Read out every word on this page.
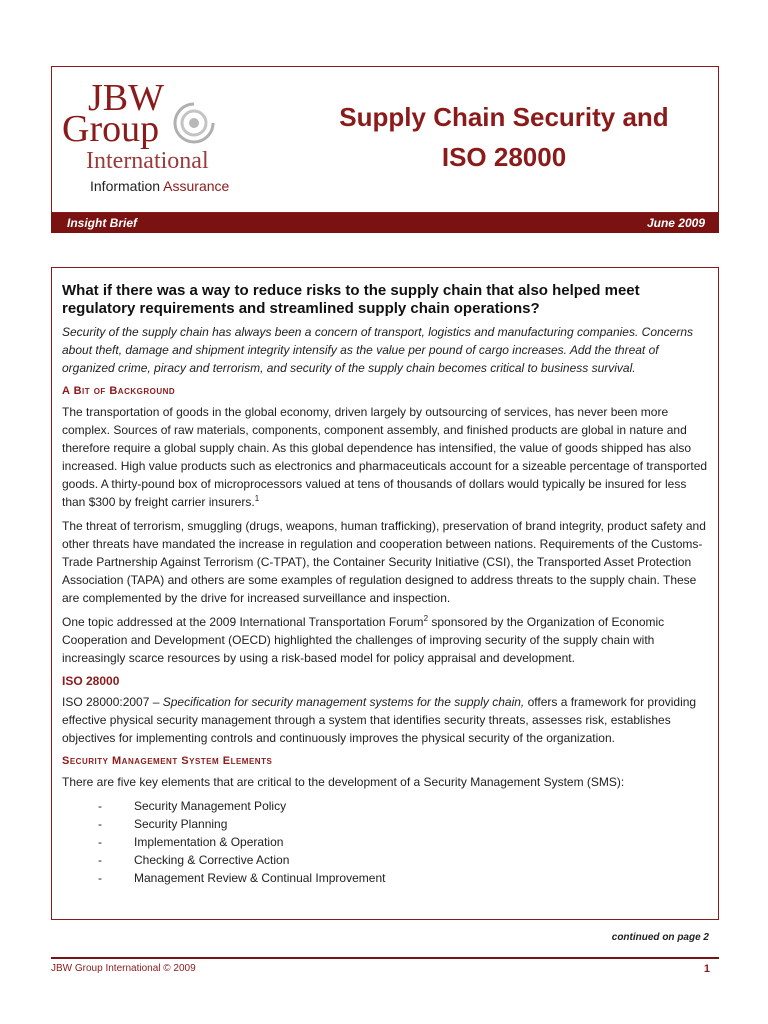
JBW
Group
International
Information Assurance
Supply Chain Security and
ISO 28000
Insight Brief	June 2009
What if there was a way to reduce risks to the supply chain that also helped meet regulatory requirements and streamlined supply chain operations?
Security of the supply chain has always been a concern of transport, logistics and manufacturing companies. Concerns about theft, damage and shipment integrity intensify as the value per pound of cargo increases. Add the threat of organized crime, piracy and terrorism, and security of the supply chain becomes critical to business survival.
A Bit of Background

The transportation of goods in the global economy, driven largely by outsourcing of services, has never been more complex. Sources of raw materials, components, component assembly, and finished products are global in nature and therefore require a global supply chain. As this global dependence has intensified, the value of goods shipped has also increased. High value products such as electronics and pharmaceuticals account for a sizeable percentage of transported goods. A thirty-pound box of microprocessors valued at tens of thousands of dollars would typically be insured for less than $300 by freight carrier insurers.$^1$

The threat of terrorism, smuggling (drugs, weapons, human trafficking), preservation of brand integrity, product safety and other threats have mandated the increase in regulation and cooperation between nations. Requirements of the Customs-Trade Partnership Against Terrorism (C-TPAT), the Container Security Initiative (CSI), the Transported Asset Protection Association (TAPA) and others are some examples of regulation designed to address threats to the supply chain. These are complemented by the drive for increased surveillance and inspection.

One topic addressed at the 2009 International Transportation Forum$^2$ sponsored by the Organization of Economic Cooperation and Development (OECD) highlighted the challenges of improving security of the supply chain with increasingly scarce resources by using a risk-based model for policy appraisal and development.

ISO 28000

ISO 28000:2007 – Specification for security management systems for the supply chain, offers a framework for providing effective physical security management through a system that identifies security threats, assesses risk, establishes objectives for implementing controls and continuously improves the physical security of the organization.

Security Management System Elements

There are five key elements that are critical to the development of a Security Management System (SMS):

- Security Management Policy
- Security Planning
- Implementation & Operation
- Checking & Corrective Action
- Management Review & Continual Improvement
continued on page 2
JBW Group International © 2009	1
